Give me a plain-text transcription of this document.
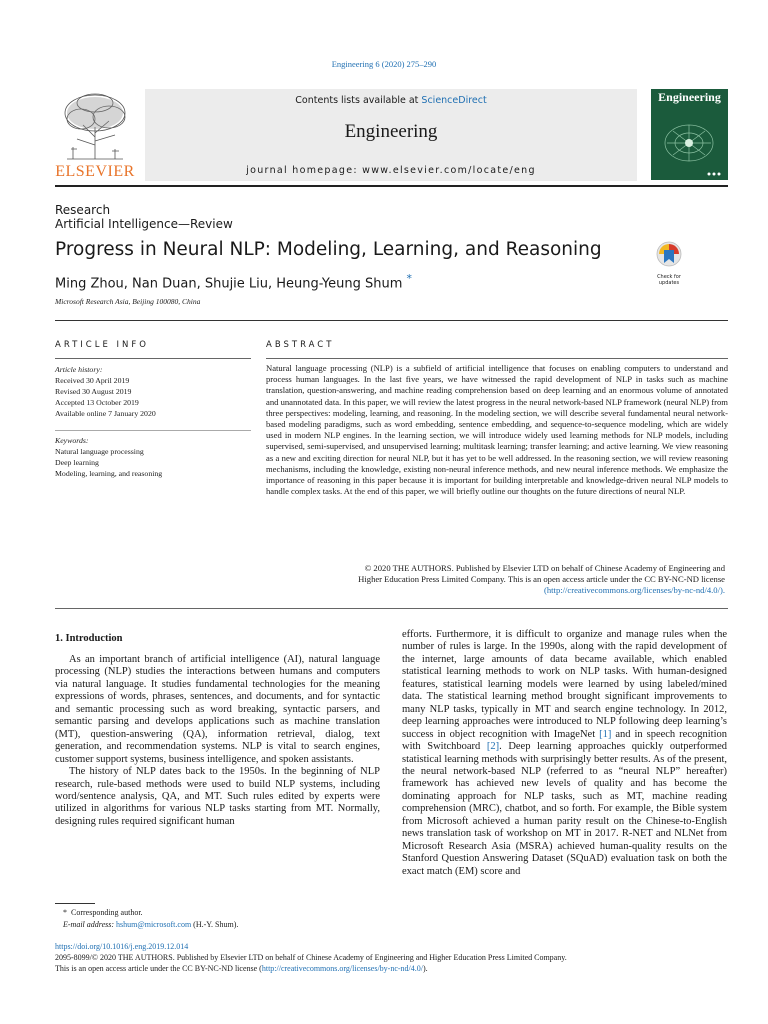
Engineering 6 (2020) 275–290
ELSEVIER
Contents lists available at ScienceDirect
Engineering
journal homepage: www.elsevier.com/locate/eng
Engineering
Research
Artificial Intelligence—Review
Progress in Neural NLP: Modeling, Learning, and Reasoning
Check for updates
Ming Zhou, Nan Duan, Shujie Liu, Heung-Yeung Shum *
Microsoft Research Asia, Beijing 100080, China
ARTICLE INFO	ABSTRACT
Article history:
Received 30 April 2019
Revised 30 August 2019
Accepted 13 October 2019
Available online 7 January 2020
Keywords:
Natural language processing
Deep learning
Modeling, learning, and reasoning

Natural language processing (NLP) is a subfield of artificial intelligence that focuses on enabling computers to understand and process human languages. In the last five years, we have witnessed the rapid development of NLP in tasks such as machine translation, question-answering, and machine reading comprehension based on deep learning and an enormous volume of annotated and unannotated data. In this paper, we will review the latest progress in the neural network-based NLP framework (neural NLP) from three perspectives: modeling, learning, and reasoning. In the modeling section, we will describe several fundamental neural network-based modeling paradigms, such as word embedding, sentence embedding, and sequence-to-sequence modeling, which are widely used in modern NLP engines. In the learning section, we will introduce widely used learning methods for NLP models, including supervised, semi-supervised, and unsupervised learning; multitask learning; transfer learning; and active learning. We view reasoning as a new and exciting direction for neural NLP, but it has yet to be well addressed. In the reasoning section, we will review reasoning mechanisms, including the knowledge, existing non-neural inference methods, and new neural inference methods. We emphasize the importance of reasoning in this paper because it is important for building interpretable and knowledge-driven neural NLP models to handle complex tasks. At the end of this paper, we will briefly outline our thoughts on the future directions of neural NLP.

© 2020 THE AUTHORS. Published by Elsevier LTD on behalf of Chinese Academy of Engineering and
Higher Education Press Limited Company. This is an open access article under the CC BY-NC-ND license
(http://creativecommons.org/licenses/by-nc-nd/4.0/).
1. Introduction

As an important branch of artificial intelligence (AI), natural language processing (NLP) studies the interactions between humans and computers via natural language. It studies fundamental technologies for the meaning expressions of words, phrases, sentences, and documents, and for syntactic and semantic processing such as word breaking, syntactic parsers, and semantic parsing and develops applications such as machine translation (MT), question-answering (QA), information retrieval, dialog, text generation, and recommendation systems. NLP is vital to search engines, customer support systems, business intelligence, and spoken assistants.

The history of NLP dates back to the 1950s. In the beginning of NLP research, rule-based methods were used to build NLP systems, including word/sentence analysis, QA, and MT. Such rules edited by experts were utilized in algorithms for various NLP tasks starting from MT. Normally, designing rules required significant human

efforts. Furthermore, it is difficult to organize and manage rules when the number of rules is large. In the 1990s, along with the rapid development of the internet, large amounts of data became available, which enabled statistical learning methods to work on NLP tasks. With human-designed features, statistical learning models were learned by using labeled/mined data. The statistical learning method brought significant improvements to many NLP tasks, typically in MT and search engine technology. In 2012, deep learning approaches were introduced to NLP following deep learning’s success in object recognition with ImageNet [1] and in speech recognition with Switchboard [2]. Deep learning approaches quickly outperformed statistical learning methods with surprisingly better results. As of the present, the neural network-based NLP (referred to as “neural NLP” hereafter) framework has achieved new levels of quality and has become the dominating approach for NLP tasks, such as MT, machine reading comprehension (MRC), chatbot, and so forth. For example, the Bible system from Microsoft achieved a human parity result on the Chinese-to-English news translation task of workshop on MT in 2017. R-NET and NLNet from Microsoft Research Asia (MSRA) achieved human-quality results on the Stanford Question Answering Dataset (SQuAD) evaluation task on both the exact match (EM) score and

* Corresponding author.
E-mail address: hshum@microsoft.com (H.-Y. Shum).
https://doi.org/10.1016/j.eng.2019.12.014
2095-8099/© 2020 THE AUTHORS. Published by Elsevier LTD on behalf of Chinese Academy of Engineering and Higher Education Press Limited Company.
This is an open access article under the CC BY-NC-ND license (http://creativecommons.org/licenses/by-nc-nd/4.0/).
